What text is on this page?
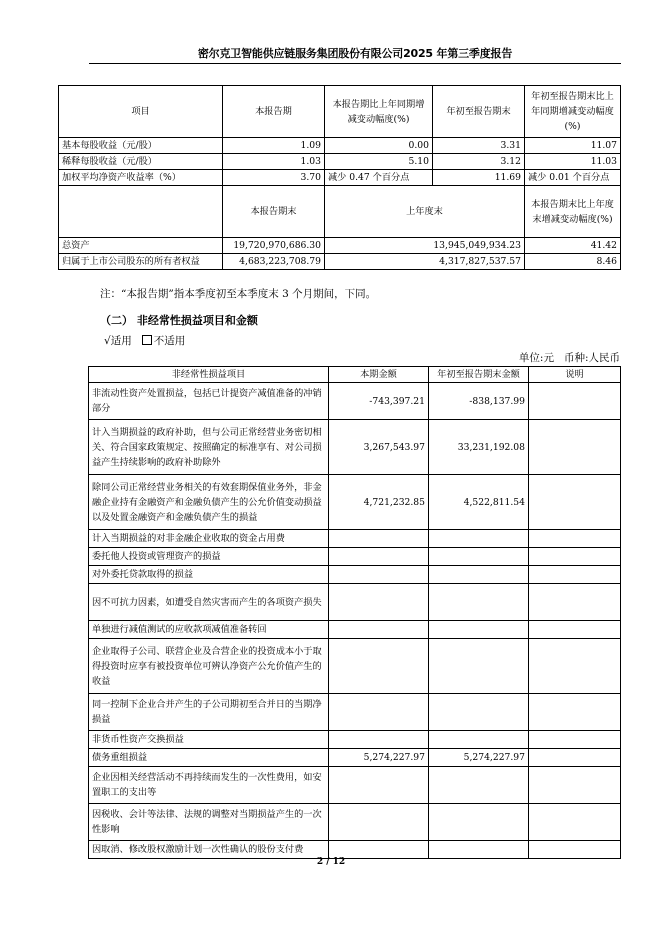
密尔克卫智能供应链服务集团股份有限公司2025 年第三季度报告
项目	本报告期	本报告期比上年同期增减变动幅度(%)	年初至报告期末	年初至报告期末比上年同期增减变动幅度(%)
基本每股收益（元/股）	1.09	0.00	3.31	11.07
稀释每股收益（元/股）	1.03	5.10	3.12	11.03
加权平均净资产收益率（%）	3.70	减少 0.47 个百分点	11.69	减少 0.01 个百分点
	本报告期末	上年度末		本报告期末比上年度末增减变动幅度(%)
总资产	19,720,970,686.30	13,945,049,934.23		41.42
归属于上市公司股东的所有者权益	4,683,223,708.79	4,317,827,537.57		8.46
注：“本报告期”指本季度初至本季度末 3 个月期间，下同。
（二） 非经常性损益项目和金额
√适用 不适用
单位:元 币种:人民币
非经常性损益项目	本期金额	年初至报告期末金额	说明
非流动性资产处置损益，包括已计提资产减值准备的冲销部分	-743,397.21	-838,137.99	
计入当期损益的政府补助，但与公司正常经营业务密切相关、符合国家政策规定、按照确定的标准享有、对公司损益产生持续影响的政府补助除外	3,267,543.97	33,231,192.08	
除同公司正常经营业务相关的有效套期保值业务外，非金融企业持有金融资产和金融负债产生的公允价值变动损益以及处置金融资产和金融负债产生的损益	4,721,232.85	4,522,811.54	
计入当期损益的对非金融企业收取的资金占用费			
委托他人投资或管理资产的损益			
对外委托贷款取得的损益			
因不可抗力因素，如遭受自然灾害而产生的各项资产损失			
单独进行减值测试的应收款项减值准备转回			
企业取得子公司、联营企业及合营企业的投资成本小于取得投资时应享有被投资单位可辨认净资产公允价值产生的收益			
同一控制下企业合并产生的子公司期初至合并日的当期净损益			
非货币性资产交换损益			
债务重组损益	5,274,227.97	5,274,227.97	
企业因相关经营活动不再持续而发生的一次性费用，如安置职工的支出等			
因税收、会计等法律、法规的调整对当期损益产生的一次性影响			
因取消、修改股权激励计划一次性确认的股份支付费			
2 / 12
